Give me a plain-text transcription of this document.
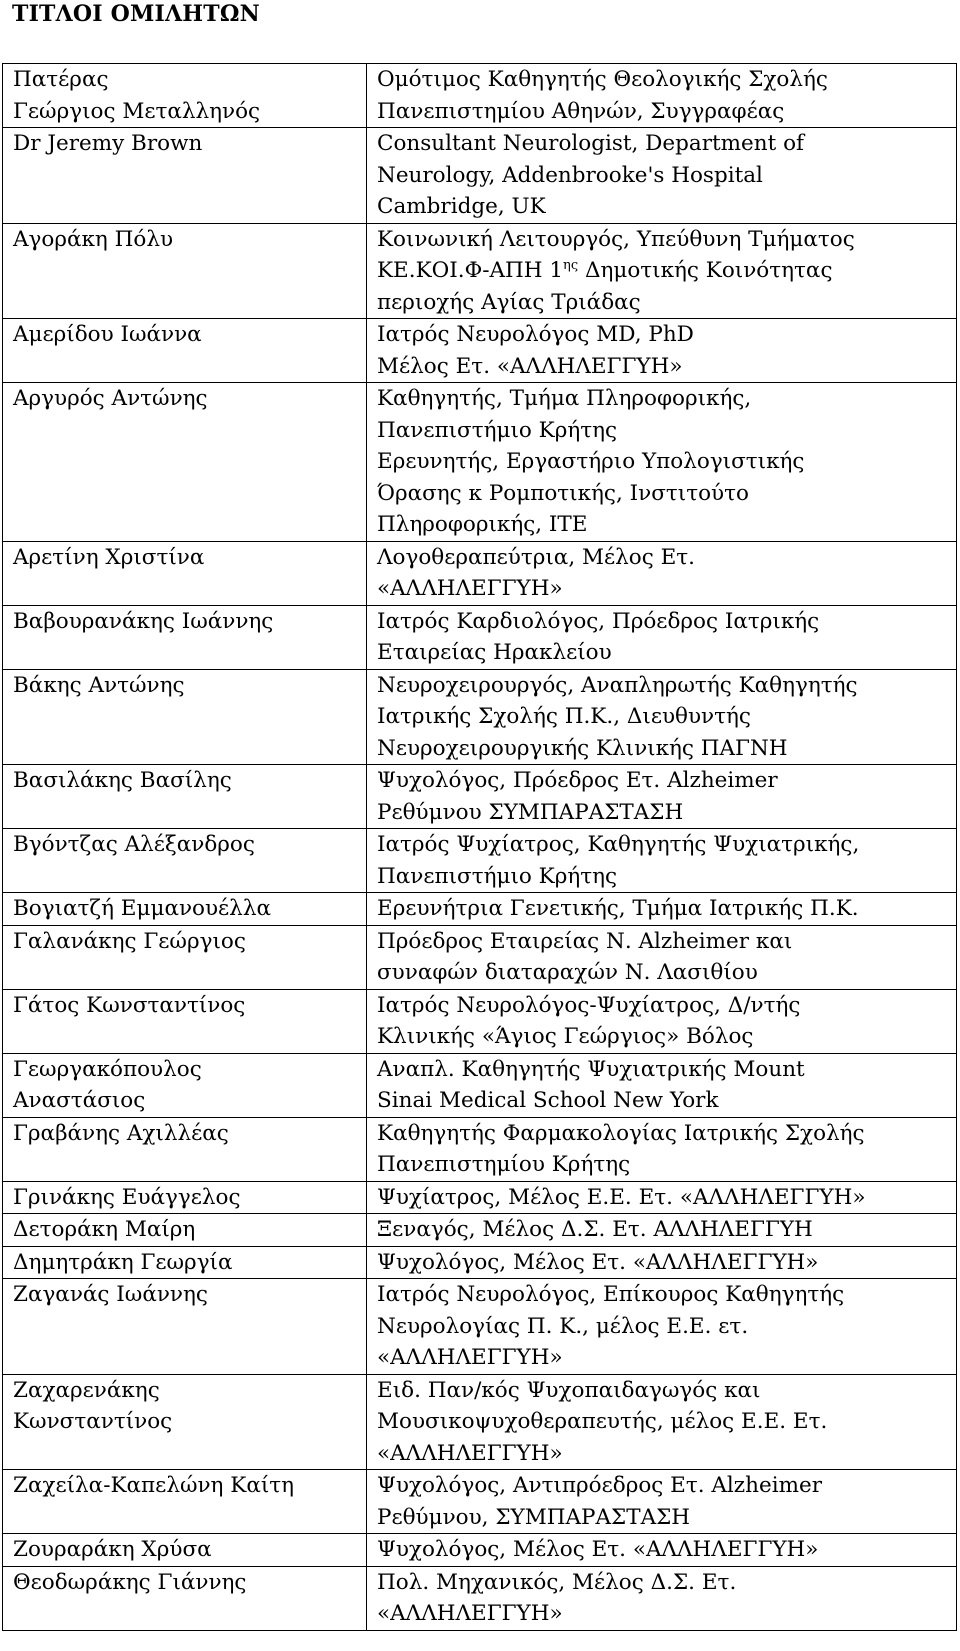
ΤΙΤΛΟΙ ΟΜΙΛΗΤΩΝ
Πατέρας
Γεώργιος Μεταλληνός	Ομότιμος Καθηγητής Θεολογικής Σχολής
Πανεπιστημίου Αθηνών, Συγγραφέας

Dr Jeremy Brown	Consultant Neurologist, Department of
Neurology, Addenbrooke's Hospital
Cambridge, UK

Αγοράκη Πόλυ	Κοινωνική Λειτουργός, Υπεύθυνη Τμήματος
ΚΕ.ΚΟΙ.Φ-ΑΠΗ $1^{\eta\varsigma}$ Δημοτικής Κοινότητας
περιοχής Αγίας Τριάδας

Αμερίδου Ιωάννα	Ιατρός Νευρολόγος MD, PhD
Μέλος Ετ. «ΑΛΛΗΛΕΓΓΥΗ»

Αργυρός Αντώνης	Καθηγητής, Τμήμα Πληροφορικής,
Πανεπιστήμιο Κρήτης
Ερευνητής, Εργαστήριο Υπολογιστικής
Όρασης κ Ρομποτικής, Ινστιτούτο
Πληροφορικής, ΙΤΕ

Αρετίνη Χριστίνα	Λογοθεραπεύτρια, Μέλος Ετ.
«ΑΛΛΗΛΕΓΓΥΗ»

Βαβουρανάκης Ιωάννης	Ιατρός Καρδιολόγος, Πρόεδρος Ιατρικής
Εταιρείας Ηρακλείου

Βάκης Αντώνης	Νευροχειρουργός, Αναπληρωτής Καθηγητής
Ιατρικής Σχολής Π.Κ., Διευθυντής
Νευροχειρουργικής Κλινικής ΠΑΓΝΗ

Βασιλάκης Βασίλης	Ψυχολόγος, Πρόεδρος Ετ. Alzheimer
Ρεθύμνου ΣΥΜΠΑΡΑΣΤΑΣΗ

Βγόντζας Αλέξανδρος	Ιατρός Ψυχίατρος, Καθηγητής Ψυχιατρικής,
Πανεπιστήμιο Κρήτης

Βογιατζή Εμμανουέλλα	Ερευνήτρια Γενετικής, Τμήμα Ιατρικής Π.Κ.

Γαλανάκης Γεώργιος	Πρόεδρος Εταιρείας Ν. Alzheimer και
συναφών διαταραχών Ν. Λασιθίου

Γάτος Κωνσταντίνος	Ιατρός Νευρολόγος-Ψυχίατρος, Δ/ντής
Κλινικής «Άγιος Γεώργιος» Βόλος

Γεωργακόπουλος
Αναστάσιος	Αναπλ. Καθηγητής Ψυχιατρικής Mount
Sinai Medical School New York

Γραβάνης Αχιλλέας	Καθηγητής Φαρμακολογίας Ιατρικής Σχολής
Πανεπιστημίου Κρήτης

Γρινάκης Ευάγγελος	Ψυχίατρος, Μέλος Ε.Ε. Ετ. «ΑΛΛΗΛΕΓΓΥΗ»

Δετοράκη Μαίρη	Ξεναγός, Μέλος Δ.Σ. Ετ. ΑΛΛΗΛΕΓΓΥΗ

Δημητράκη Γεωργία	Ψυχολόγος, Μέλος Ετ. «ΑΛΛΗΛΕΓΓΥΗ»

Ζαγανάς Ιωάννης	Ιατρός Νευρολόγος, Επίκουρος Καθηγητής
Νευρολογίας Π. Κ., μέλος Ε.Ε. ετ.
«ΑΛΛΗΛΕΓΓΥΗ»

Ζαχαρενάκης
Κωνσταντίνος	Ειδ. Παν/κός Ψυχοπαιδαγωγός και
Μουσικοψυχοθεραπευτής, μέλος Ε.Ε. Ετ.
«ΑΛΛΗΛΕΓΓΥΗ»

Ζαχείλα-Καπελώνη Καίτη	Ψυχολόγος, Αντιπρόεδρος Ετ. Alzheimer
Ρεθύμνου, ΣΥΜΠΑΡΑΣΤΑΣΗ

Ζουραράκη Χρύσα	Ψυχολόγος, Μέλος Ετ. «ΑΛΛΗΛΕΓΓΥΗ»

Θεοδωράκης Γιάννης	Πολ. Μηχανικός, Μέλος Δ.Σ. Ετ.
«ΑΛΛΗΛΕΓΓΥΗ»
